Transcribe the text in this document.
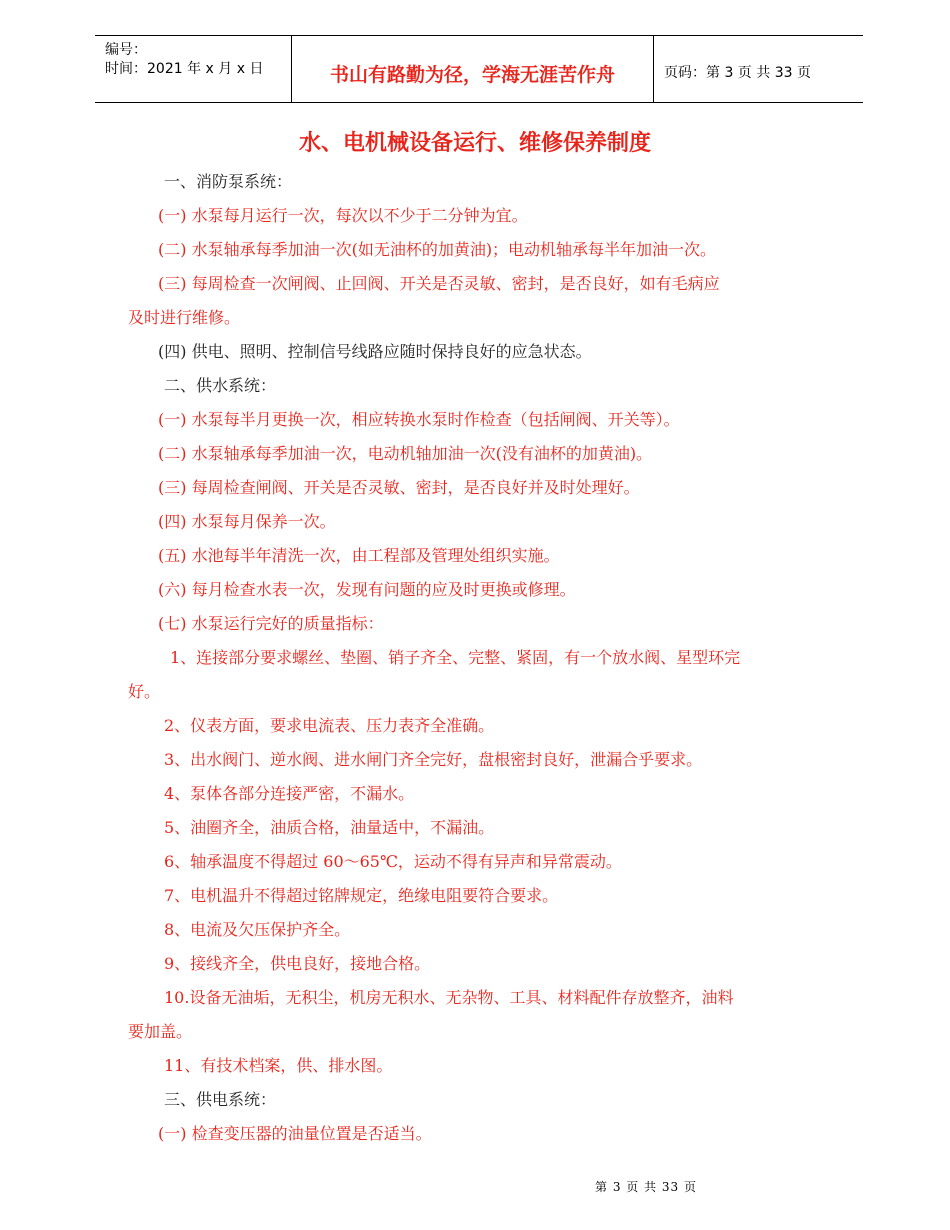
编号：
时间：2021 年 x 月 x 日	书山有路勤为径，学海无涯苦作舟	页码：第 3 页 共 33 页
水、电机械设备运行、维修保养制度
一、消防泵系统：
(一) 水泵每月运行一次，每次以不少于二分钟为宜。
(二) 水泵轴承每季加油一次(如无油杯的加黄油)；电动机轴承每半年加油一次。
(三) 每周检查一次闸阀、止回阀、开关是否灵敏、密封，是否良好，如有毛病应
及时进行维修。
(四) 供电、照明、控制信号线路应随时保持良好的应急状态。
二、供水系统：
(一) 水泵每半月更换一次，相应转换水泵时作检查（包括闸阀、开关等）。
(二) 水泵轴承每季加油一次，电动机轴加油一次(没有油杯的加黄油)。
(三) 每周检查闸阀、开关是否灵敏、密封，是否良好并及时处理好。
(四) 水泵每月保养一次。
(五) 水池每半年清洗一次，由工程部及管理处组织实施。
(六) 每月检查水表一次，发现有问题的应及时更换或修理。
(七) 水泵运行完好的质量指标：
1、连接部分要求螺丝、垫圈、销子齐全、完整、紧固，有一个放水阀、星型环完
好。
2、仪表方面，要求电流表、压力表齐全准确。
3、出水阀门、逆水阀、进水闸门齐全完好，盘根密封良好，泄漏合乎要求。
4、泵体各部分连接严密，不漏水。
5、油圈齐全，油质合格，油量适中，不漏油。
6、轴承温度不得超过 60～65℃，运动不得有异声和异常震动。
7、电机温升不得超过铭牌规定，绝缘电阻要符合要求。
8、电流及欠压保护齐全。
9、接线齐全，供电良好，接地合格。
10.设备无油垢，无积尘，机房无积水、无杂物、工具、材料配件存放整齐，油料
要加盖。
11、有技术档案，供、排水图。
三、供电系统：
(一) 检查变压器的油量位置是否适当。
第 3 页 共 33 页
